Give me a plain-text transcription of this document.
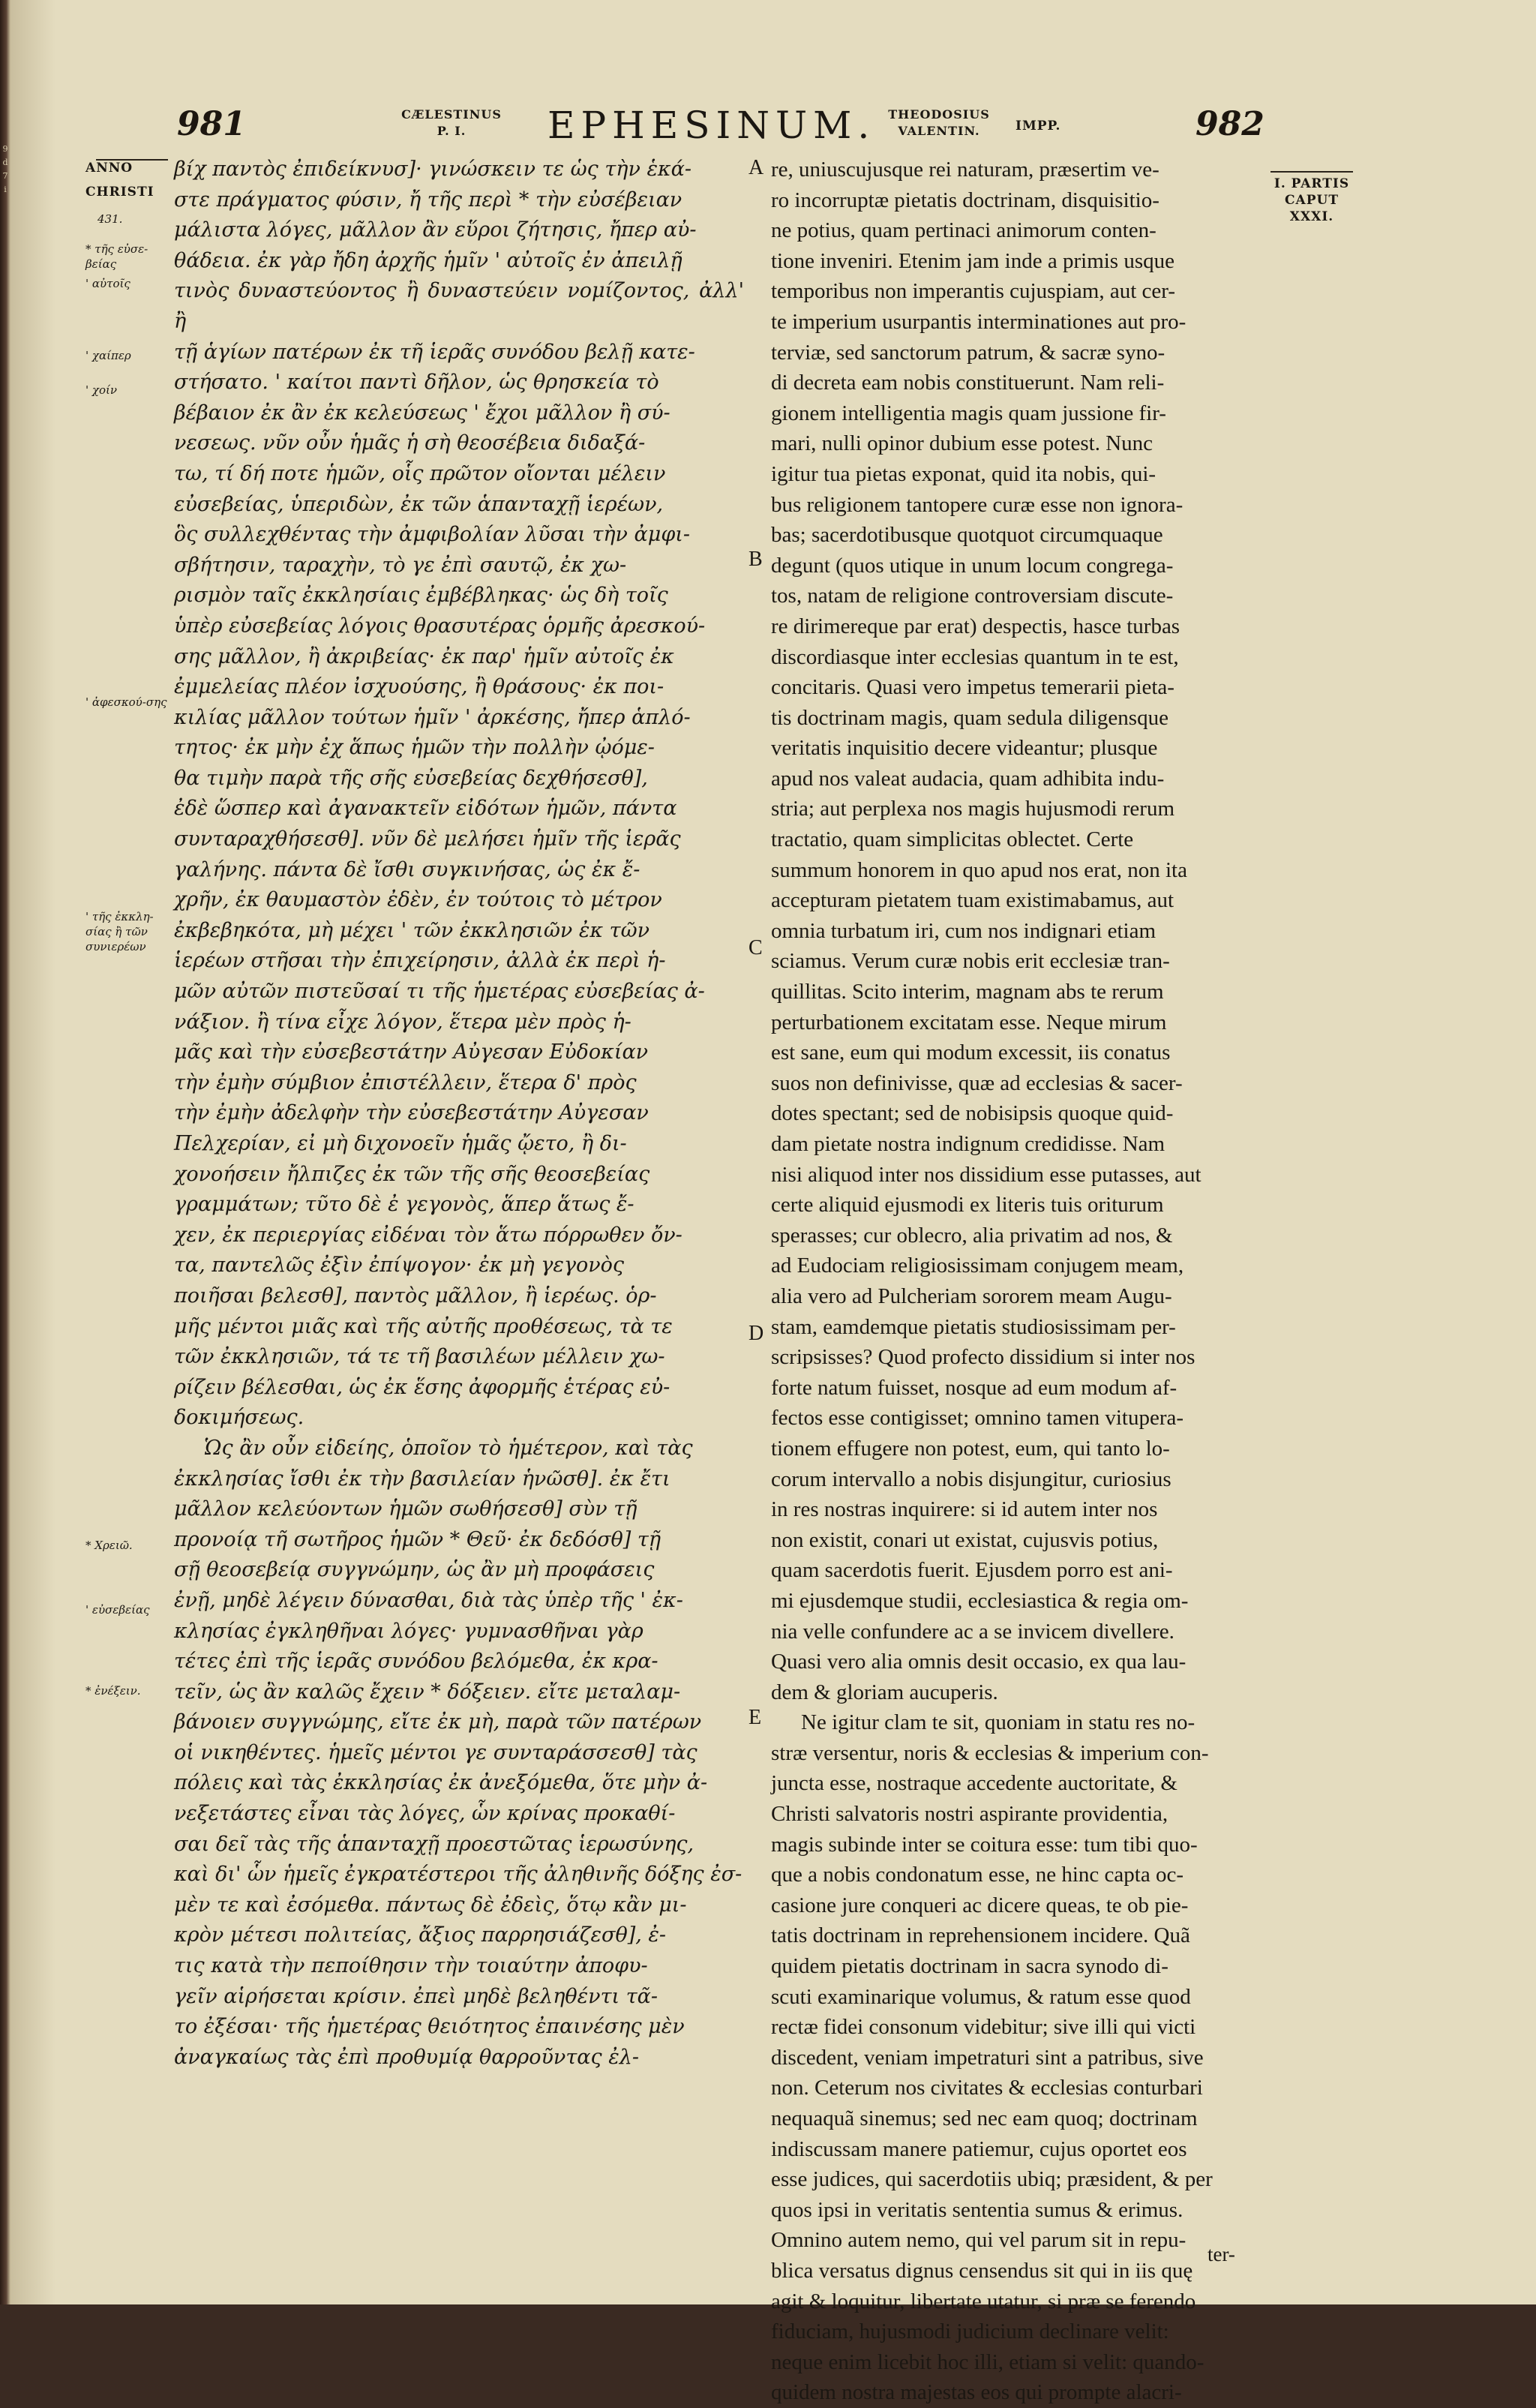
9
d
7
i
981	CÆLESTINUS
P. I.	EPHESINUM.	THEODOSIUS
VALENTIN.	IMPP.	982
ANNO
CHRISTI
431.
* τῆς εὐσε-βείας
' αὐτοῖς
' χαίπερ
' χοίν
' ἀφεσκού-σης
' τῆς ἐκκλη-σίας ἢ τῶν συνιερέων
* Χρειῶ.
' εὐσεβείας
* ἐνέξειν.
I. PARTIS
CAPUT
XXXI.
A
B
C
D
E
βίχ παντὸς ἐπιδείκνυσ]· γινώσκειν τε ὡς τὴν ἑκά-
στε πράγματος φύσιν, ἤ τῆς περὶ * τὴν εὐσέβειαν
μάλιστα λόγες, μᾶλλον ἂν εὕροι ζήτησις, ἤπερ αὐ-
θάδεια. ἐκ γὰρ ἤδη ἀρχῆς ἡμῖν ' αὐτοῖς ἐν ἀπειλῇ
τινὸς δυναστεύοντος ἢ δυναστεύειν νομίζοντος, ἀλλ' ἢ
τῇ ἁγίων πατέρων ἐκ τῆ ἱερᾶς συνόδου βελῇ κατε-
στήσατο. ' καίτοι παντὶ δῆλον, ὡς θρησκεία τὸ
βέβαιον ἐκ ἂν ἐκ κελεύσεως ' ἔχοι μᾶλλον ἢ σύ-
νεσεως. νῦν οὖν ἡμᾶς ἡ σὴ θεοσέβεια διδαξά-
τω, τί δή ποτε ἡμῶν, οἷς πρῶτον οἴονται μέλειν
εὐσεβείας, ὑπεριδὼν, ἐκ τῶν ἁπανταχῇ ἱερέων,
ὃς συλλεχθέντας τὴν ἀμφιβολίαν λῦσαι τὴν ἀμφι-
σβήτησιν, ταραχὴν, τὸ γε ἐπὶ σαυτῷ, ἐκ χω-
ρισμὸν ταῖς ἐκκλησίαις ἐμβέβληκας· ὡς δὴ τοῖς
ὑπὲρ εὐσεβείας λόγοις θρασυτέρας ὁρμῆς ἀρεσκού-
σης μᾶλλον, ἢ ἀκριβείας· ἐκ παρ' ἡμῖν αὐτοῖς ἐκ
ἐμμελείας πλέον ἰσχυούσης, ἢ θράσους· ἐκ ποι-
κιλίας μᾶλλον τούτων ἡμῖν ' ἀρκέσης, ἤπερ ἁπλό-
τητος· ἐκ μὴν ἐχ ἅπως ἡμῶν τὴν πολλὴν ᾠόμε-
θα τιμὴν παρὰ τῆς σῆς εὐσεβείας δεχθήσεσθ],
ἐδὲ ὥσπερ καὶ ἀγανακτεῖν εἰδότων ἡμῶν, πάντα
συνταραχθήσεσθ]. νῦν δὲ μελήσει ἡμῖν τῆς ἱερᾶς
γαλήνης. πάντα δὲ ἴσθι συγκινήσας, ὡς ἐκ ἔ-
χρῆν, ἐκ θαυμαστὸν ἐδὲν, ἐν τούτοις τὸ μέτρον
ἐκβεβηκότα, μὴ μέχει ' τῶν ἐκκλησιῶν ἐκ τῶν
ἱερέων στῆσαι τὴν ἐπιχείρησιν, ἀλλὰ ἐκ περὶ ἡ-
μῶν αὐτῶν πιστεῦσαί τι τῆς ἡμετέρας εὐσεβείας ἀ-
νάξιον. ἢ τίνα εἶχε λόγον, ἕτερα μὲν πρὸς ἡ-
μᾶς καὶ τὴν εὐσεβεστάτην Αὐγεσαν Εὐδοκίαν
τὴν ἐμὴν σύμβιον ἐπιστέλλειν, ἕτερα δ' πρὸς
τὴν ἐμὴν ἀδελφὴν τὴν εὐσεβεστάτην Αὐγεσαν
Πελχερίαν, εἰ μὴ διχονοεῖν ἡμᾶς ᾤετο, ἢ δι-
χονοήσειν ἤλπιζες ἐκ τῶν τῆς σῆς θεοσεβείας
γραμμάτων; τῦτο δὲ ἐ γεγονὸς, ἅπερ ἅτως ἔ-
χεν, ἐκ περιεργίας εἰδέναι τὸν ἅτω πόρρωθεν ὄν-
τα, παντελῶς ἐξὶν ἐπίψογον· ἐκ μὴ γεγονὸς
ποιῆσαι βελεσθ], παντὸς μᾶλλον, ἢ ἱερέως. ὁρ-
μῆς μέντοι μιᾶς καὶ τῆς αὐτῆς προθέσεως, τὰ τε
τῶν ἐκκλησιῶν, τά τε τῆ βασιλέων μέλλειν χω-
ρίζειν βέλεσθαι, ὡς ἐκ ἕσης ἀφορμῆς ἑτέρας εὐ-
δοκιμήσεως.
Ὡς ἂν οὖν εἰδείης, ὁποῖον τὸ ἡμέτερον, καὶ τὰς
ἐκκλησίας ἴσθι ἐκ τὴν βασιλείαν ἡνῶσθ]. ἐκ ἔτι
μᾶλλον κελεύοντων ἡμῶν σωθήσεσθ] σὺν τῇ
προνοίᾳ τῆ σωτῆρος ἡμῶν * Θεῦ· ἐκ δεδόσθ] τῇ
σῇ θεοσεβείᾳ συγγνώμην, ὡς ἂν μὴ προφάσεις
ἐνῇ, μηδὲ λέγειν δύνασθαι, διὰ τὰς ὑπὲρ τῆς ' ἐκ-
κλησίας ἐγκληθῆναι λόγες· γυμνασθῆναι γὰρ
τέτες ἐπὶ τῆς ἱερᾶς συνόδου βελόμεθα, ἐκ κρα-
τεῖν, ὡς ἂν καλῶς ἔχειν * δόξειεν. εἴτε μεταλαμ-
βάνοιεν συγγνώμης, εἴτε ἐκ μὴ, παρὰ τῶν πατέρων
οἱ νικηθέντες. ἡμεῖς μέντοι γε συνταράσσεσθ] τὰς
πόλεις καὶ τὰς ἐκκλησίας ἐκ ἀνεξόμεθα, ὅτε μὴν ἀ-
νεξετάστες εἶναι τὰς λόγες, ὧν κρίνας προκαθί-
σαι δεῖ τὰς τῆς ἁπανταχῇ προεστῶτας ἱερωσύνης,
καὶ δι' ὧν ἡμεῖς ἐγκρατέστεροι τῆς ἀληθινῆς δόξης ἐσ-
μὲν τε καὶ ἐσόμεθα. πάντως δὲ ἐδεὶς, ὅτῳ κἂν μι-
κρὸν μέτεσι πολιτείας, ἄξιος παρρησιάζεσθ], ἐ-
τις κατὰ τὴν πεποίθησιν τὴν τοιαύτην ἀποφυ-
γεῖν αἱρήσεται κρίσιν. ἐπεὶ μηδὲ βεληθέντι τᾶ-
το ἐξέσαι· τῆς ἡμετέρας θειότητος ἐπαινέσης μὲν
ἀναγκαίως τὰς ἐπὶ προθυμίᾳ θαρροῦντας ἐλ-
re, uniuscujusque rei naturam, præsertim ve-
ro incorruptæ pietatis doctrinam, disquisitio-
ne potius, quam pertinaci animorum conten-
tione inveniri. Etenim jam inde a primis usque
temporibus non imperantis cujuspiam, aut cer-
te imperium usurpantis interminationes aut pro-
terviæ, sed sanctorum patrum, & sacræ syno-
di decreta eam nobis constituerunt. Nam reli-
gionem intelligentia magis quam jussione fir-
mari, nulli opinor dubium esse potest. Nunc
igitur tua pietas exponat, quid ita nobis, qui-
bus religionem tantopere curæ esse non ignora-
bas; sacerdotibusque quotquot circumquaque
degunt (quos utique in unum locum congrega-
tos, natam de religione controversiam discute-
re dirimereque par erat) despectis, hasce turbas
discordiasque inter ecclesias quantum in te est,
concitaris. Quasi vero impetus temerarii pieta-
tis doctrinam magis, quam sedula diligensque
veritatis inquisitio decere videantur; plusque
apud nos valeat audacia, quam adhibita indu-
stria; aut perplexa nos magis hujusmodi rerum
tractatio, quam simplicitas oblectet. Certe
summum honorem in quo apud nos erat, non ita
accepturam pietatem tuam existimabamus, aut
omnia turbatum iri, cum nos indignari etiam
sciamus. Verum curæ nobis erit ecclesiæ tran-
quillitas. Scito interim, magnam abs te rerum
perturbationem excitatam esse. Neque mirum
est sane, eum qui modum excessit, iis conatus
suos non definivisse, quæ ad ecclesias & sacer-
dotes spectant; sed de nobisipsis quoque quid-
dam pietate nostra indignum credidisse. Nam
nisi aliquod inter nos dissidium esse putasses, aut
certe aliquid ejusmodi ex literis tuis oriturum
sperasses; cur oblecro, alia privatim ad nos, &
ad Eudociam religiosissimam conjugem meam,
alia vero ad Pulcheriam sororem meam Augu-
stam, eamdemque pietatis studiosissimam per-
scripsisses? Quod profecto dissidium si inter nos
forte natum fuisset, nosque ad eum modum af-
fectos esse contigisset; omnino tamen vitupera-
tionem effugere non potest, eum, qui tanto lo-
corum intervallo a nobis disjungitur, curiosius
in res nostras inquirere: si id autem inter nos
non existit, conari ut existat, cujusvis potius,
quam sacerdotis fuerit. Ejusdem porro est ani-
mi ejusdemque studii, ecclesiastica & regia om-
nia velle confundere ac a se invicem divellere.
Quasi vero alia omnis desit occasio, ex qua lau-
dem & gloriam aucuperis.
Ne igitur clam te sit, quoniam in statu res no-
stræ versentur, noris & ecclesias & imperium con-
juncta esse, nostraque accedente auctoritate, &
Christi salvatoris nostri aspirante providentia,
magis subinde inter se coitura esse: tum tibi quo-
que a nobis condonatum esse, ne hinc capta oc-
casione jure conqueri ac dicere queas, te ob pie-
tatis doctrinam in reprehensionem incidere. Quã
quidem pietatis doctrinam in sacra synodo di-
scuti examinarique volumus, & ratum esse quod
rectæ fidei consonum videbitur; sive illi qui victi
discedent, veniam impetraturi sint a patribus, sive
non. Ceterum nos civitates & ecclesias conturbari
nequaquã sinemus; sed nec eam quoq; doctrinam
indiscussam manere patiemur, cujus oportet eos
esse judices, qui sacerdotiis ubiq; præsident, & per
quos ipsi in veritatis sententia sumus & erimus.
Omnino autem nemo, qui vel parum sit in repu-
blica versatus dignus censendus sit qui in iis quę
agit & loquitur, libertate utatur, si præ se ferendo
fiduciam, hujusmodi judicium declinare velit:
neque enim licebit hoc illi, etiam si velit: quando-
quidem nostra majestas eos qui prompte alacri-
ter-
